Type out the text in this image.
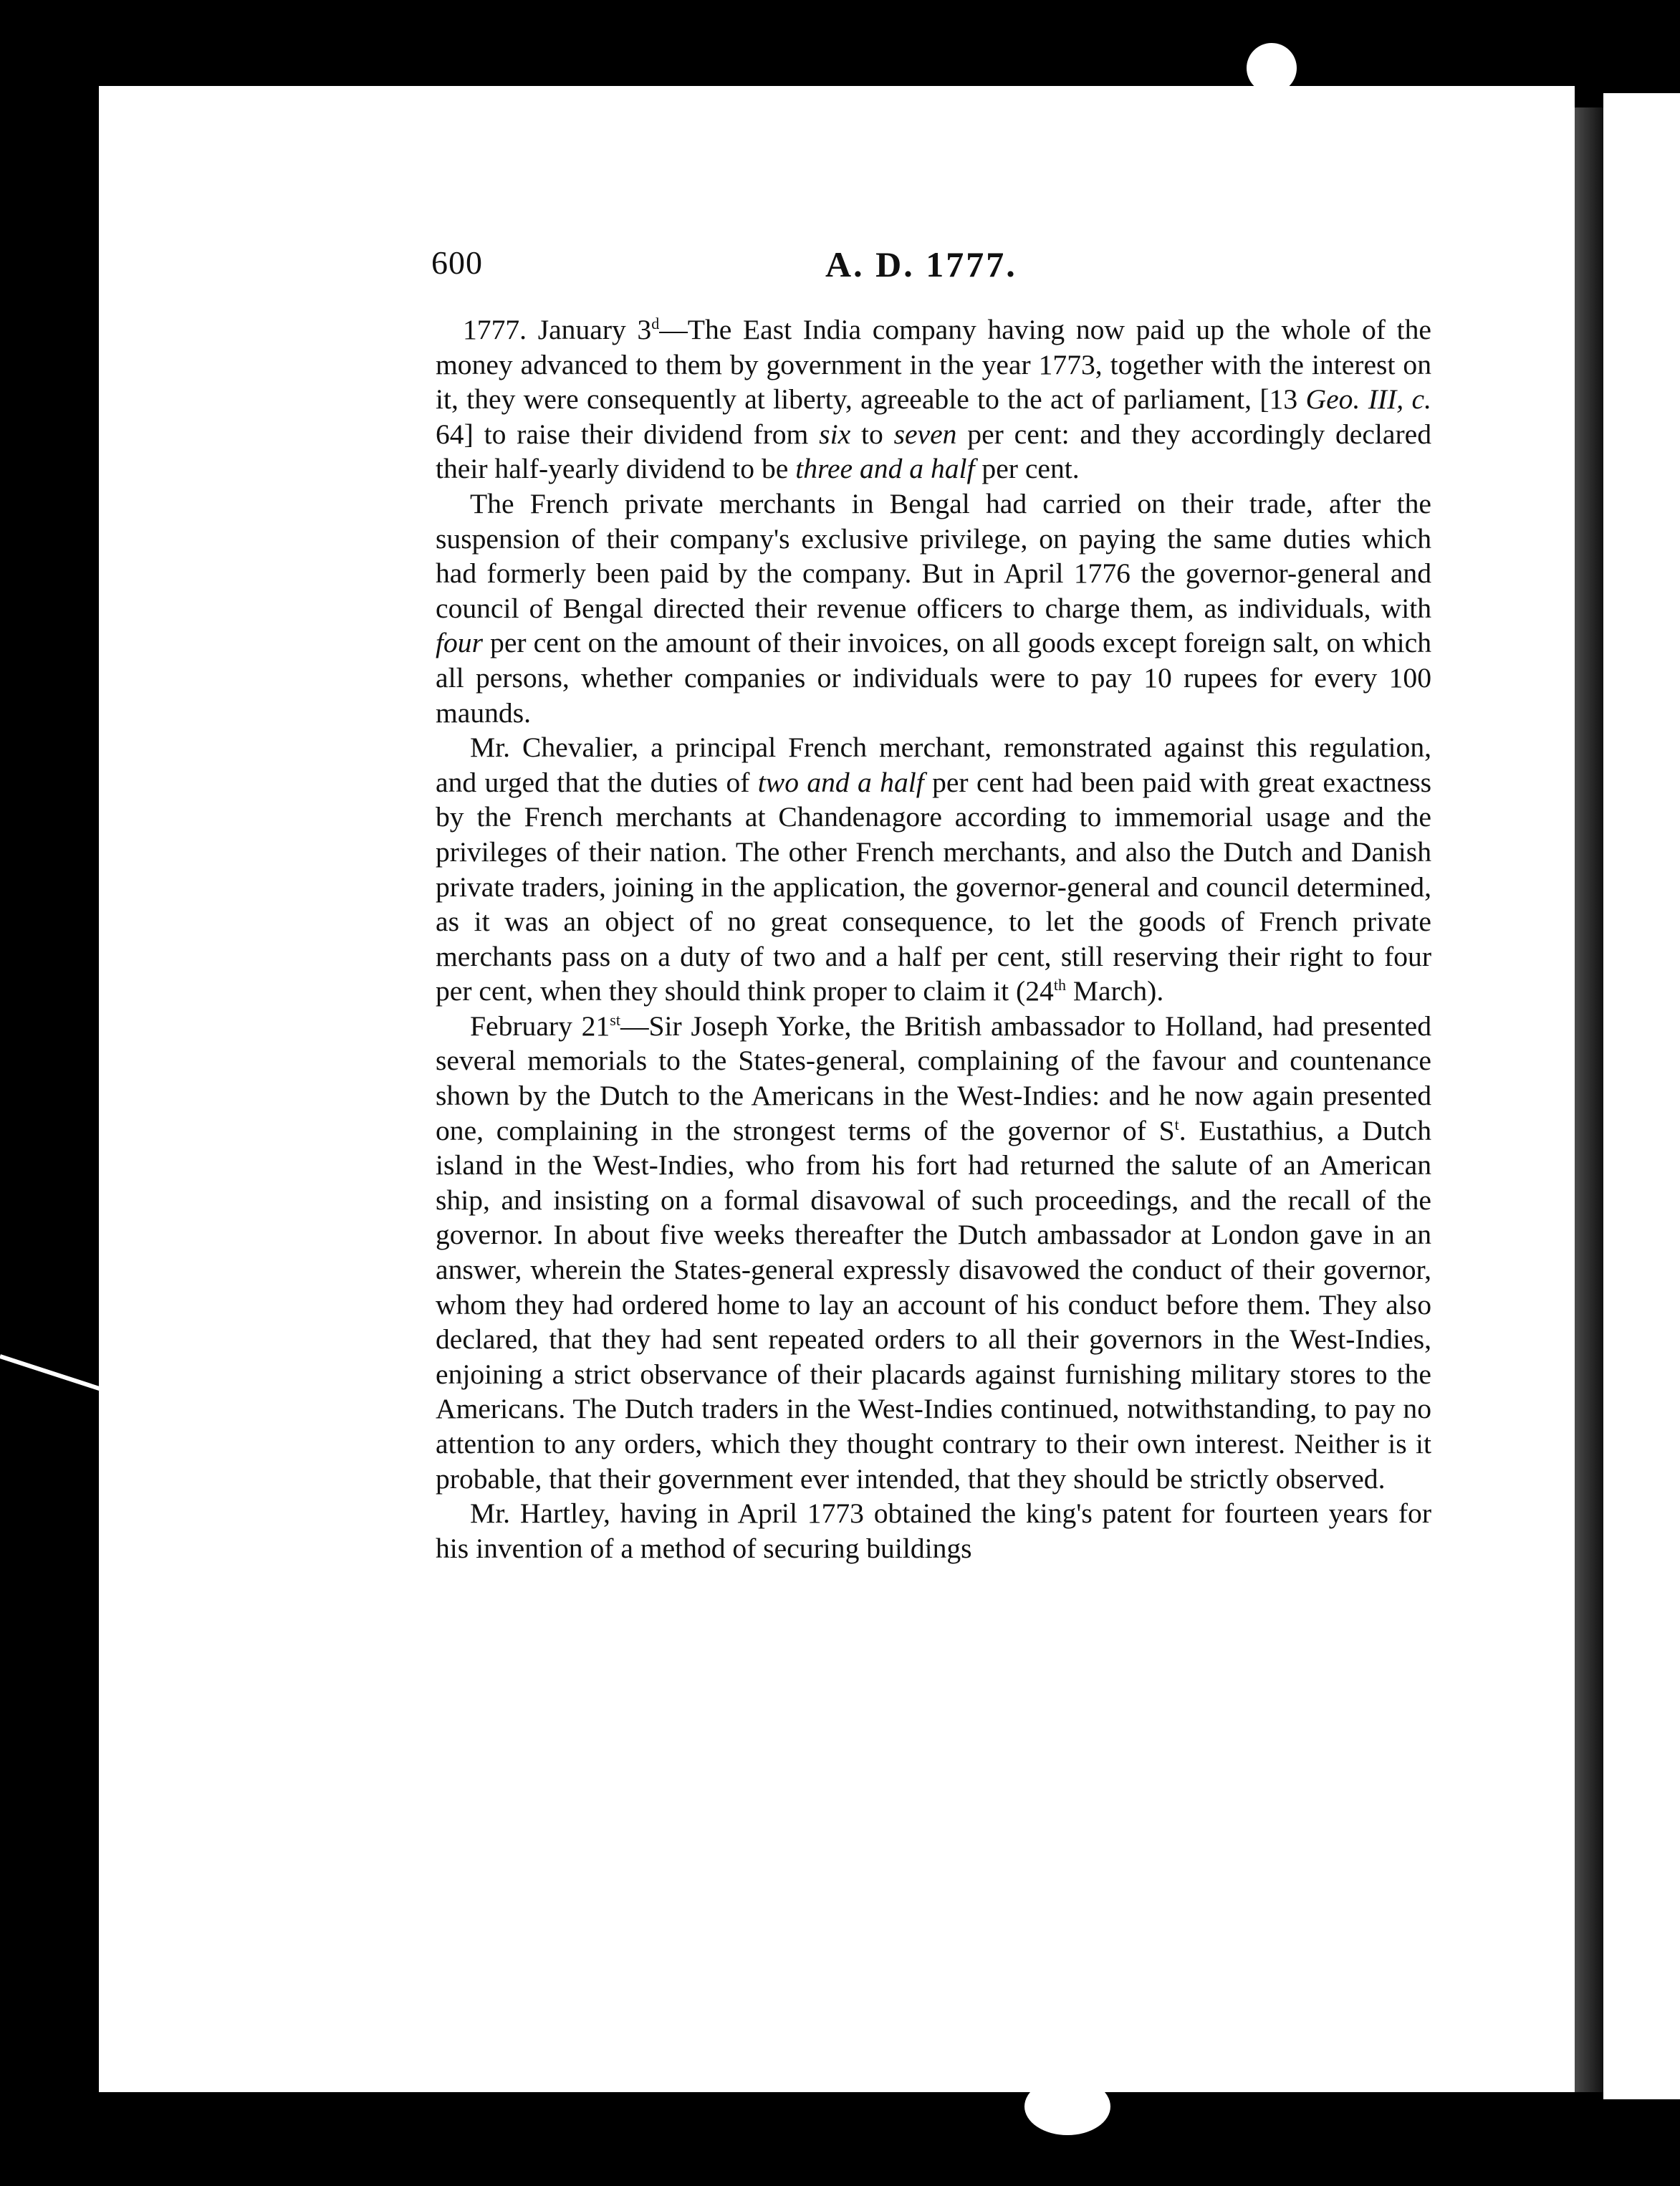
600	A. D. 1777.

1777. January 3$^d$—The East India company having now paid up the whole of the money advanced to them by government in the year 1773, together with the interest on it, they were consequently at liberty, agreeable to the act of parliament, [13 Geo. III, c. 64] to raise their dividend from six to seven per cent: and they accordingly declared their half-yearly dividend to be three and a half per cent.

The French private merchants in Bengal had carried on their trade, after the suspension of their company's exclusive privilege, on paying the same duties which had formerly been paid by the company. But in April 1776 the governor-general and council of Bengal directed their revenue officers to charge them, as individuals, with four per cent on the amount of their invoices, on all goods except foreign salt, on which all persons, whether companies or individuals were to pay 10 rupees for every 100 maunds.

Mr. Chevalier, a principal French merchant, remonstrated against this regulation, and urged that the duties of two and a half per cent had been paid with great exactness by the French merchants at Chandenagore according to immemorial usage and the privileges of their nation. The other French merchants, and also the Dutch and Danish private traders, joining in the application, the governor-general and council determined, as it was an object of no great consequence, to let the goods of French private merchants pass on a duty of two and a half per cent, still reserving their right to four per cent, when they should think proper to claim it (24th March).

February 21st—Sir Joseph Yorke, the British ambassador to Holland, had presented several memorials to the States-general, complaining of the favour and countenance shown by the Dutch to the Americans in the West-Indies: and he now again presented one, complaining in the strongest terms of the governor of $S^t$. Eustathius, a Dutch island in the West-Indies, who from his fort had returned the salute of an American ship, and insisting on a formal disavowal of such proceedings, and the recall of the governor. In about five weeks thereafter the Dutch ambassador at London gave in an answer, wherein the States-general expressly disavowed the conduct of their governor, whom they had ordered home to lay an account of his conduct before them. They also declared, that they had sent repeated orders to all their governors in the West-Indies, enjoining a strict observance of their placards against furnishing military stores to the Americans. The Dutch traders in the West-Indies continued, notwithstanding, to pay no attention to any orders, which they thought contrary to their own interest. Neither is it probable, that their government ever intended, that they should be strictly observed.

Mr. Hartley, having in April 1773 obtained the king's patent for fourteen years for his invention of a method of securing buildings
